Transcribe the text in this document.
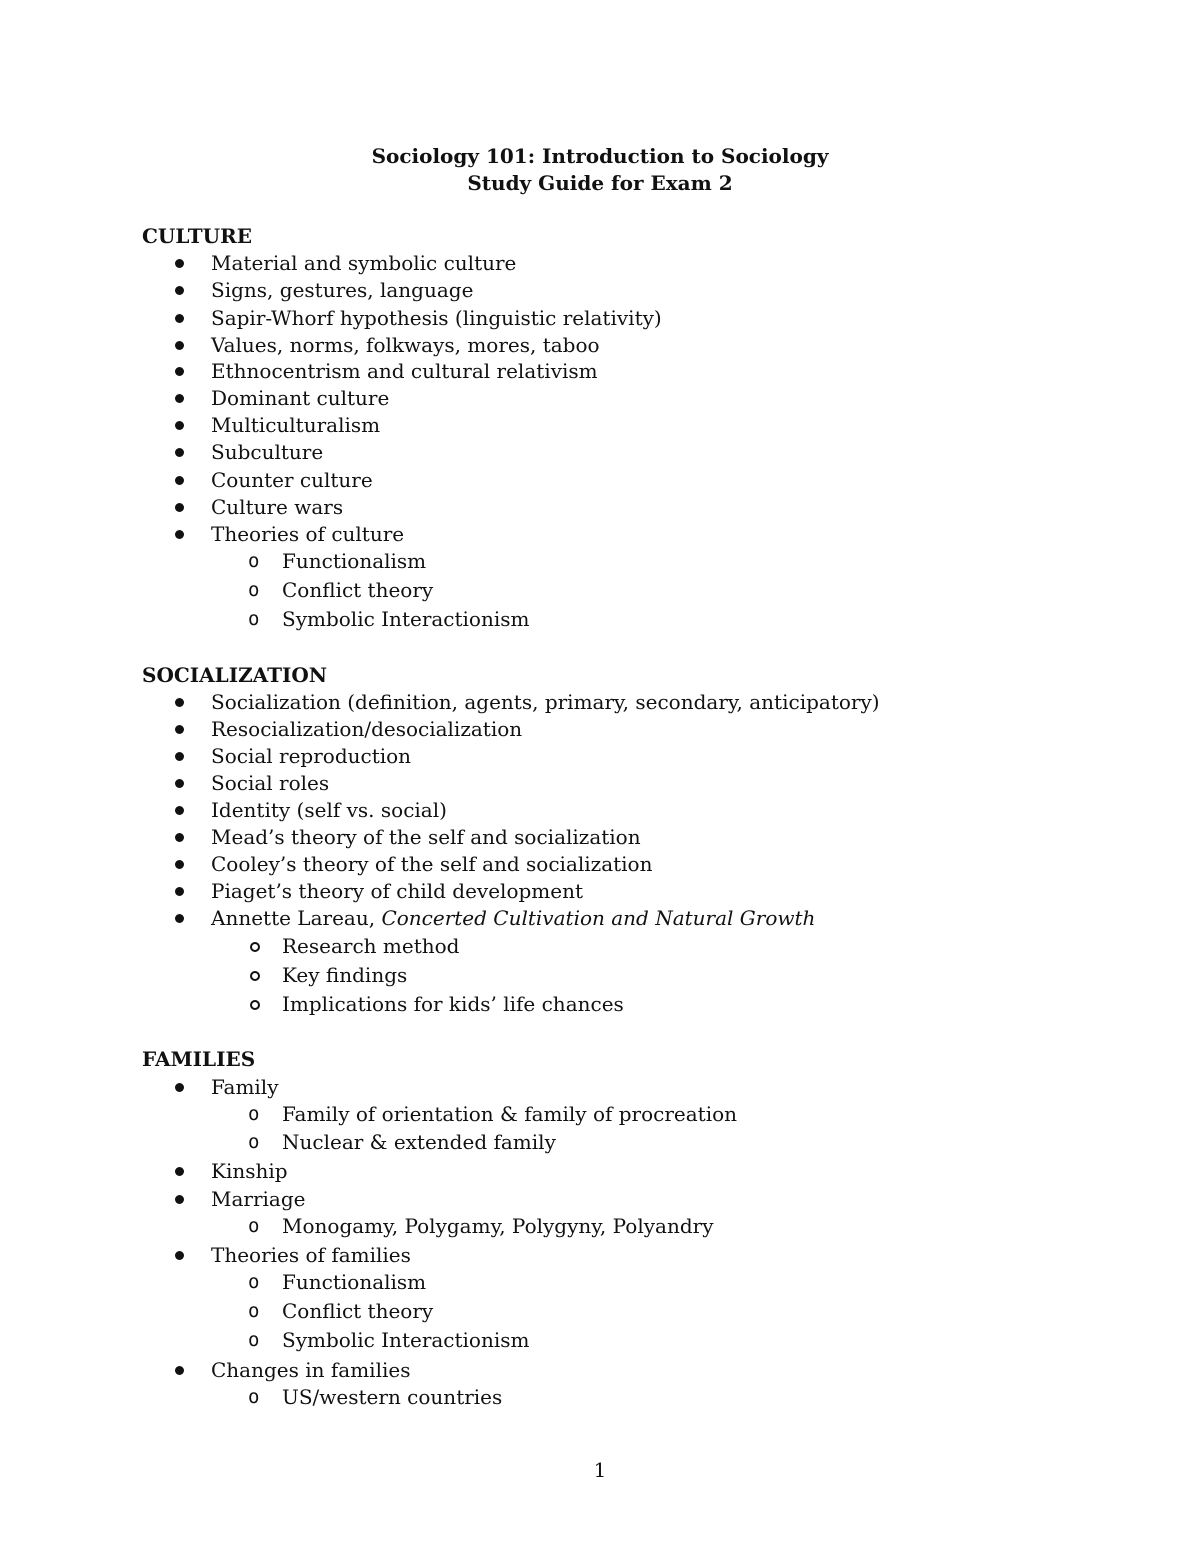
Sociology 101: Introduction to Sociology
Study Guide for Exam 2
CULTURE
Material and symbolic culture
Signs, gestures, language
Sapir-Whorf hypothesis (linguistic relativity)
Values, norms, folkways, mores, taboo
Ethnocentrism and cultural relativism
Dominant culture
Multiculturalism
Subculture
Counter culture
Culture wars
Theories of culture
o Functionalism
o Conflict theory
o Symbolic Interactionism
SOCIALIZATION
Socialization (definition, agents, primary, secondary, anticipatory)
Resocialization/desocialization
Social reproduction
Social roles
Identity (self vs. social)
Mead’s theory of the self and socialization
Cooley’s theory of the self and socialization
Piaget’s theory of child development
Annette Lareau, Concerted Cultivation and Natural Growth
Research method
Key findings
Implications for kids’ life chances
FAMILIES
Family
o Family of orientation & family of procreation
o Nuclear & extended family
Kinship
Marriage
o Monogamy, Polygamy, Polygyny, Polyandry
Theories of families
o Functionalism
o Conflict theory
o Symbolic Interactionism
Changes in families
o US/western countries
1
